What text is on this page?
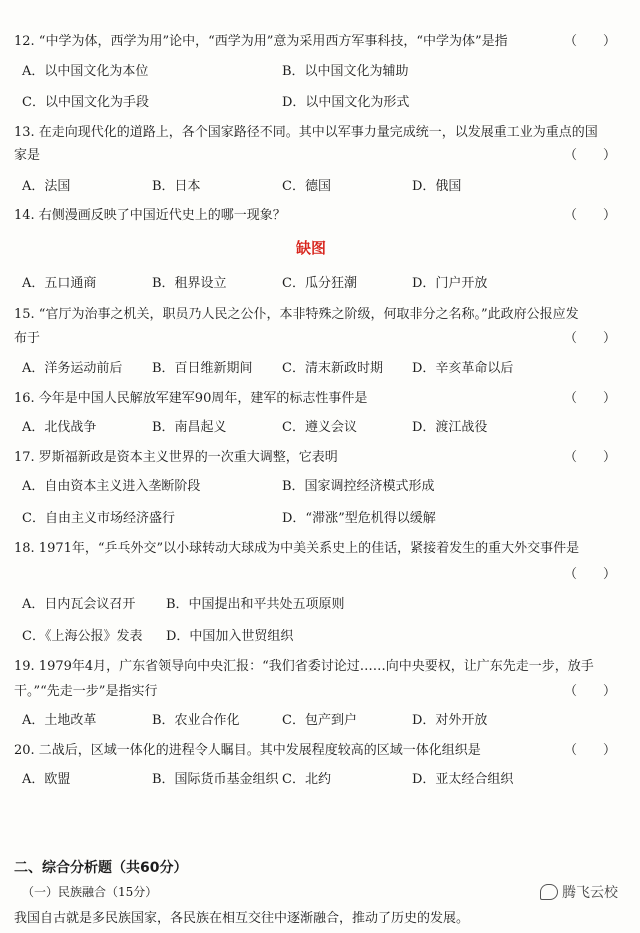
12. “中学为体，西学为用”论中，“西学为用”意为采用西方军事科技，“中学为体”是指	（　　）
A．以中国文化为本位	B．以中国文化为辅助
C．以中国文化为手段	D．以中国文化为形式
13. 在走向现代化的道路上，各个国家路径不同。其中以军事力量完成统一，以发展重工业为重点的国
家是	（　　）
A．法国	B．日本	C．德国	D．俄国
14. 右侧漫画反映了中国近代史上的哪一现象？	（　　）
缺图
A．五口通商	B．租界设立	C．瓜分狂潮	D．门户开放
15. “官厅为治事之机关，职员乃人民之公仆，本非特殊之阶级，何取非分之名称。”此政府公报应发
布于	（　　）
A．洋务运动前后 B．百日维新期间 C．清末新政时期 D．辛亥革命以后
16. 今年是中国人民解放军建军90周年，建军的标志性事件是	（　　）
A．北伐战争	B．南昌起义	C．遵义会议	D．渡江战役
17. 罗斯福新政是资本主义世界的一次重大调整，它表明	（　　）
A．自由资本主义进入垄断阶段	B．国家调控经济模式形成
C．自由主义市场经济盛行	D．“滞涨”型危机得以缓解
18. 1971年，“乒乓外交”以小球转动大球成为中美关系史上的佳话，紧接着发生的重大外交事件是
（　　）
A．日内瓦会议召开 B．中国提出和平共处五项原则
C．《上海公报》发表 D．中国加入世贸组织
19. 1979年4月，广东省领导向中央汇报：“我们省委讨论过……向中央要权，让广东先走一步，放手
干。”“先走一步”是指实行	（　　）
A．土地改革	B．农业合作化	C．包产到户	D．对外开放
20. 二战后，区域一体化的进程令人瞩目。其中发展程度较高的区域一体化组织是	（　　）
A．欧盟	B．国际货币基金组织 C．北约	D．亚太经合组织
二、综合分析题（共60分）
（一）民族融合（15分）
我国自古就是多民族国家，各民族在相互交往中逐渐融合，推动了历史的发展。
腾飞云校
